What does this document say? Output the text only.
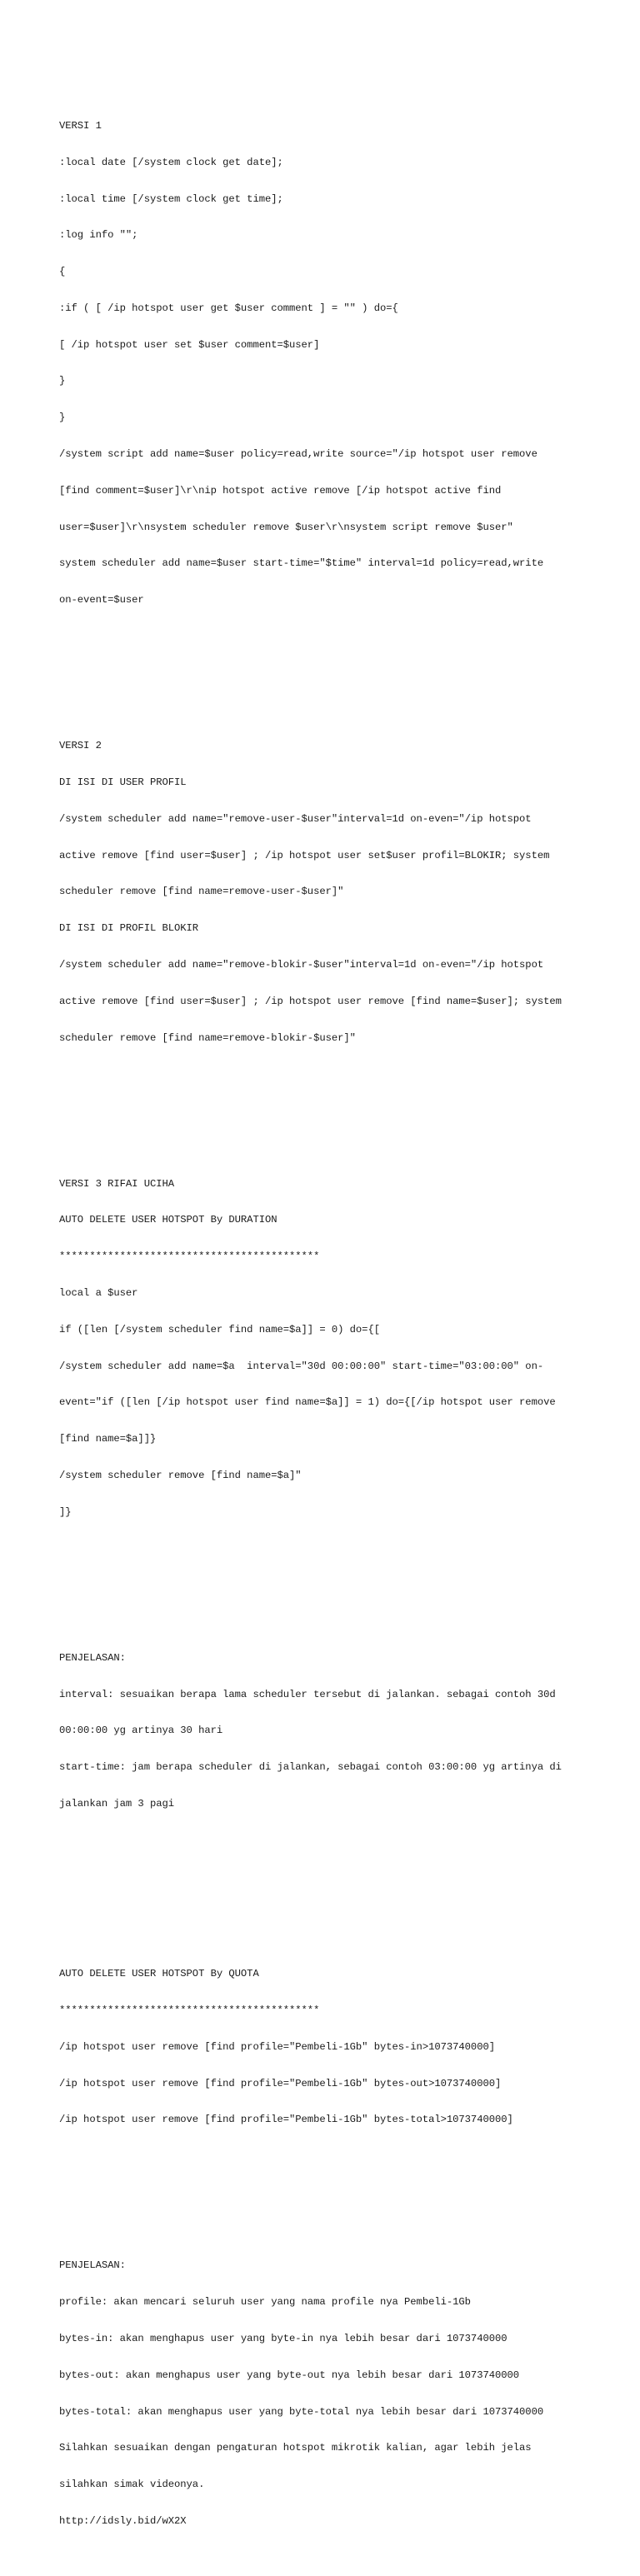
VERSI 1

:local date [/system clock get date];

:local time [/system clock get time];

:log info "";

{

:if ( [ /ip hotspot user get $user comment ] = "" ) do={

[ /ip hotspot user set $user comment=$user]

}

}

/system script add name=$user policy=read,write source="/ip hotspot user remove

[find comment=$user]\r\nip hotspot active remove [/ip hotspot active find

user=$user]\r\nsystem scheduler remove $user\r\nsystem script remove $user"

system scheduler add name=$user start-time="$time" interval=1d policy=read,write

on-event=$user

VERSI 2

DI ISI DI USER PROFIL

/system scheduler add name="remove-user-$user"interval=1d on-even="/ip hotspot

active remove [find user=$user] ; /ip hotspot user set$user profil=BLOKIR; system

scheduler remove [find name=remove-user-$user]"

DI ISI DI PROFIL BLOKIR

/system scheduler add name="remove-blokir-$user"interval=1d on-even="/ip hotspot

active remove [find user=$user] ; /ip hotspot user remove [find name=$user]; system

scheduler remove [find name=remove-blokir-$user]"

VERSI 3 RIFAI UCIHA

AUTO DELETE USER HOTSPOT By DURATION

*******************************************

local a $user

if ([len [/system scheduler find name=$a]] = 0) do={[

/system scheduler add name=$a  interval="30d 00:00:00" start-time="03:00:00" on-

event="if ([len [/ip hotspot user find name=$a]] = 1) do={[/ip hotspot user remove

[find name=$a]]}

/system scheduler remove [find name=$a]"

]}

PENJELASAN:

interval: sesuaikan berapa lama scheduler tersebut di jalankan. sebagai contoh 30d

00:00:00 yg artinya 30 hari

start-time: jam berapa scheduler di jalankan, sebagai contoh 03:00:00 yg artinya di

jalankan jam 3 pagi

AUTO DELETE USER HOTSPOT By QUOTA

*******************************************

/ip hotspot user remove [find profile="Pembeli-1Gb" bytes-in>1073740000]

/ip hotspot user remove [find profile="Pembeli-1Gb" bytes-out>1073740000]

/ip hotspot user remove [find profile="Pembeli-1Gb" bytes-total>1073740000]

PENJELASAN:

profile: akan mencari seluruh user yang nama profile nya Pembeli-1Gb

bytes-in: akan menghapus user yang byte-in nya lebih besar dari 1073740000

bytes-out: akan menghapus user yang byte-out nya lebih besar dari 1073740000

bytes-total: akan menghapus user yang byte-total nya lebih besar dari 1073740000

Silahkan sesuaikan dengan pengaturan hotspot mikrotik kalian, agar lebih jelas

silahkan simak videonya.

http://idsly.bid/wX2X
